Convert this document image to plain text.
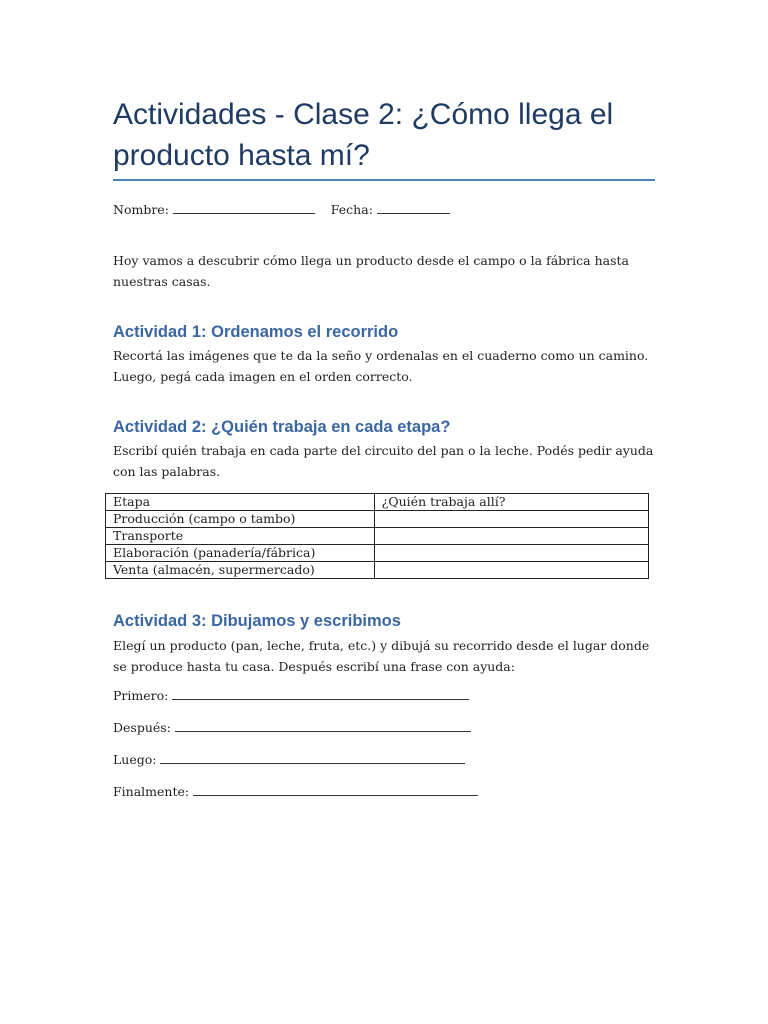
Actividades - Clase 2: ¿Cómo llega el producto hasta mí?

Nombre:	Fecha:

Hoy vamos a descubrir cómo llega un producto desde el campo o la fábrica hasta nuestras casas.

Actividad 1: Ordenamos el recorrido

Recortá las imágenes que te da la seño y ordenalas en el cuaderno como un camino. Luego, pegá cada imagen en el orden correcto.

Actividad 2: ¿Quién trabaja en cada etapa?

Escribí quién trabaja en cada parte del circuito del pan o la leche. Podés pedir ayuda con las palabras.

Etapa	¿Quién trabaja allí?
Producción (campo o tambo)	
Transporte	
Elaboración (panadería/fábrica)	
Venta (almacén, supermercado)	
Actividad 3: Dibujamos y escribimos

Elegí un producto (pan, leche, fruta, etc.) y dibujá su recorrido desde el lugar donde se produce hasta tu casa. Después escribí una frase con ayuda:

Primero:

Después:

Luego:

Finalmente:
